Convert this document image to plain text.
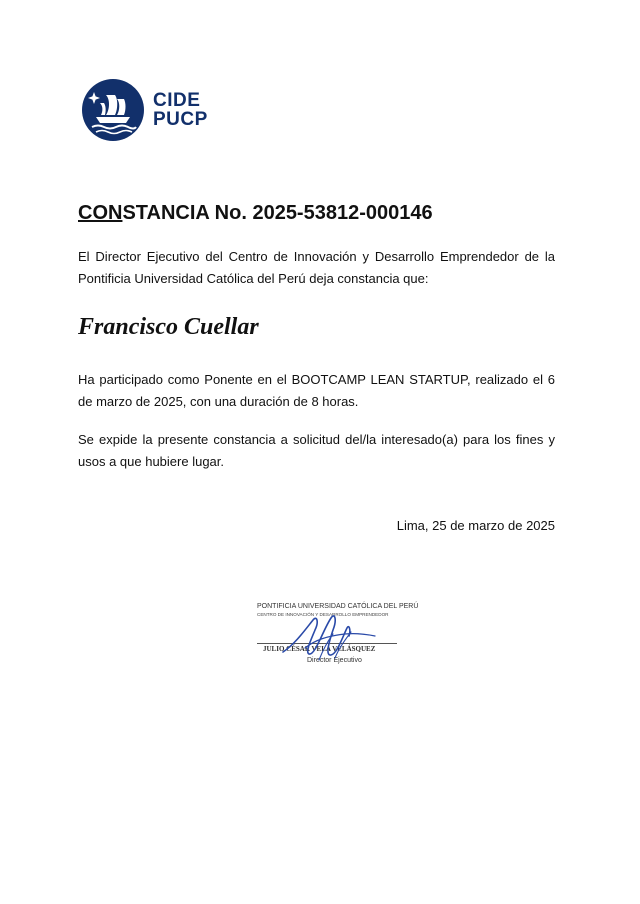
CIDE
PUCP
CONSTANCIA No. 2025-53812-000146

El Director Ejecutivo del Centro de Innovación y Desarrollo Emprendedor de la Pontificia Universidad Católica del Perú deja constancia que:

Francisco Cuellar

Ha participado como Ponente en el BOOTCAMP LEAN STARTUP, realizado el 6 de marzo de 2025, con una duración de 8 horas.

Se expide la presente constancia a solicitud del/la interesado(a) para los fines y usos a que hubiere lugar.

Lima, 25 de marzo de 2025
PONTIFICIA UNIVERSIDAD CATÓLICA DEL PERÚ
CENTRO DE INNOVACIÓN Y DESARROLLO EMPRENDEDOR
JULIO CÉSAR VELA VELÁSQUEZ
Director Ejecutivo
